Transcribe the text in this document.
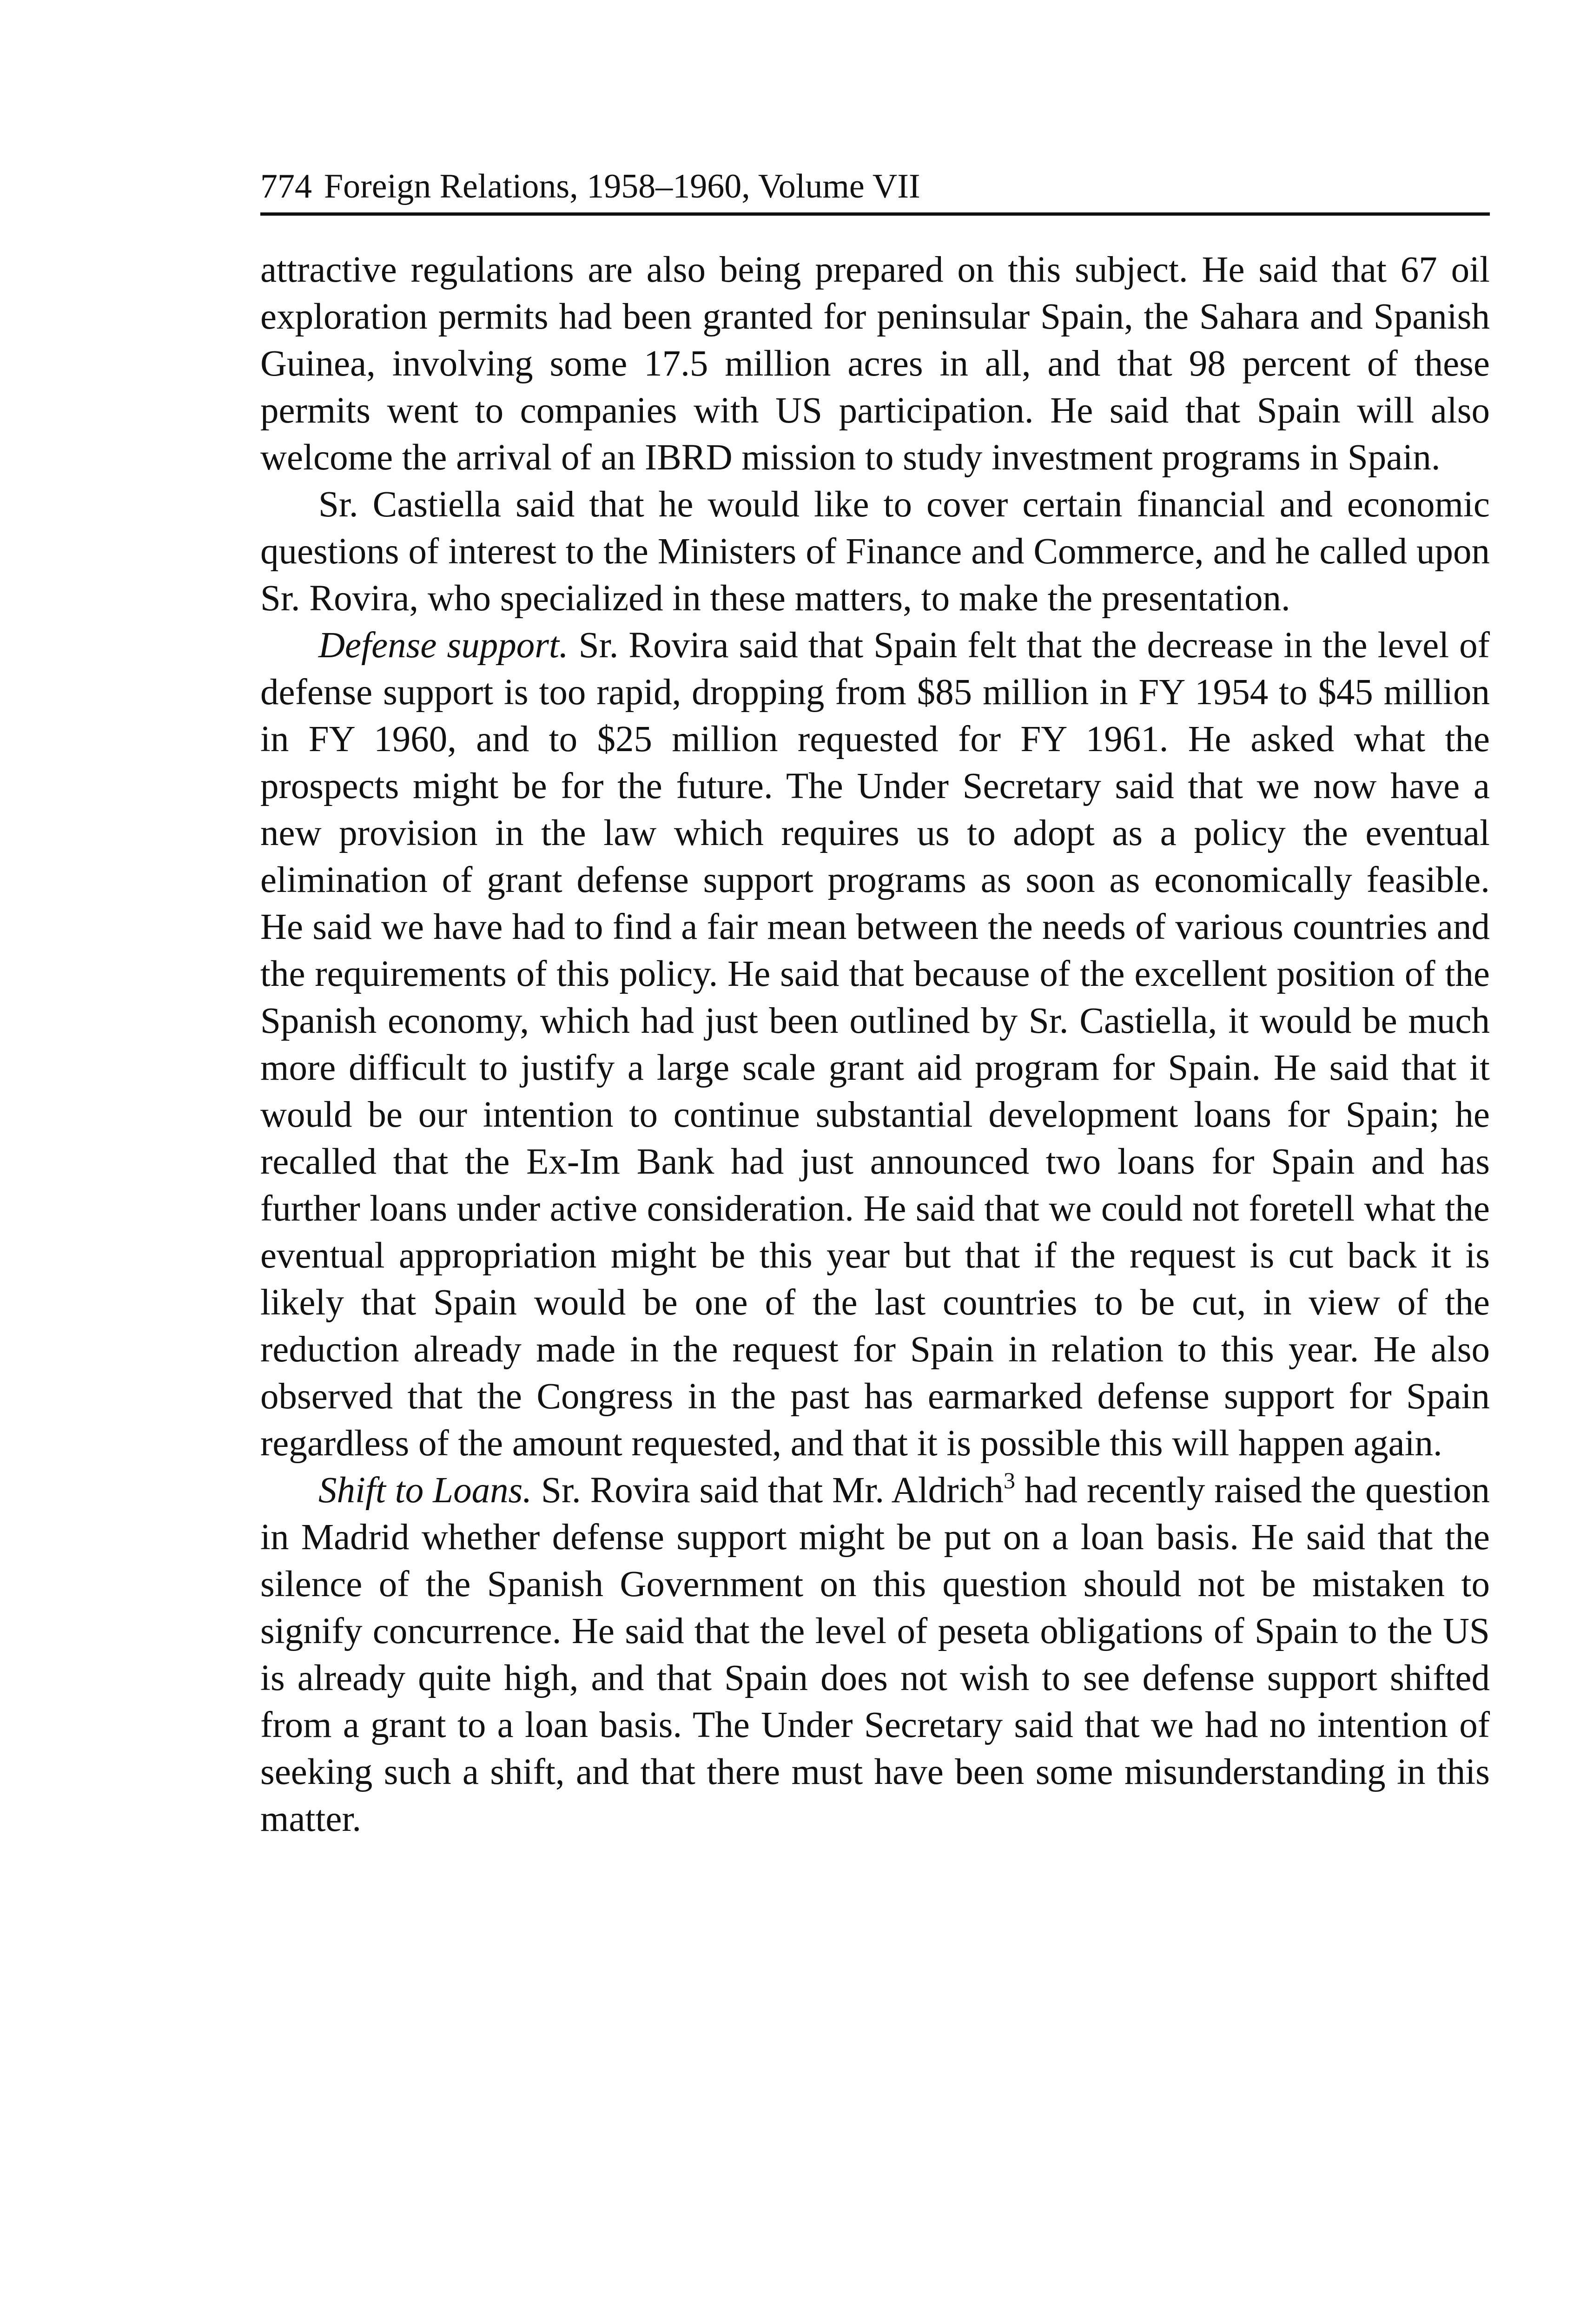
774 Foreign Relations, 1958–1960, Volume VII

attractive regulations are also being prepared on this subject. He said that 67 oil exploration permits had been granted for peninsular Spain, the Sahara and Spanish Guinea, involving some 17.5 million acres in all, and that 98 percent of these permits went to companies with US participation. He said that Spain will also welcome the arrival of an IBRD mission to study investment programs in Spain.

Sr. Castiella said that he would like to cover certain financial and economic questions of interest to the Ministers of Finance and Commerce, and he called upon Sr. Rovira, who specialized in these matters, to make the presentation.

Defense support. Sr. Rovira said that Spain felt that the decrease in the level of defense support is too rapid, dropping from $85 million in FY 1954 to $45 million in FY 1960, and to $25 million requested for FY 1961. He asked what the prospects might be for the future. The Under Secretary said that we now have a new provision in the law which requires us to adopt as a policy the eventual elimination of grant defense support programs as soon as economically feasible. He said we have had to find a fair mean between the needs of various countries and the requirements of this policy. He said that because of the excellent position of the Spanish economy, which had just been outlined by Sr. Castiella, it would be much more difficult to justify a large scale grant aid program for Spain. He said that it would be our intention to continue substantial development loans for Spain; he recalled that the Ex-Im Bank had just announced two loans for Spain and has further loans under active consideration. He said that we could not foretell what the eventual appropriation might be this year but that if the request is cut back it is likely that Spain would be one of the last countries to be cut, in view of the reduction already made in the request for Spain in relation to this year. He also observed that the Congress in the past has earmarked defense support for Spain regardless of the amount requested, and that it is possible this will happen again.

Shift to Loans. Sr. Rovira said that Mr. Aldrich$^3$ had recently raised the question in Madrid whether defense support might be put on a loan basis. He said that the silence of the Spanish Government on this question should not be mistaken to signify concurrence. He said that the level of peseta obligations of Spain to the US is already quite high, and that Spain does not wish to see defense support shifted from a grant to a loan basis. The Under Secretary said that we had no intention of seeking such a shift, and that there must have been some misunderstanding in this matter.
